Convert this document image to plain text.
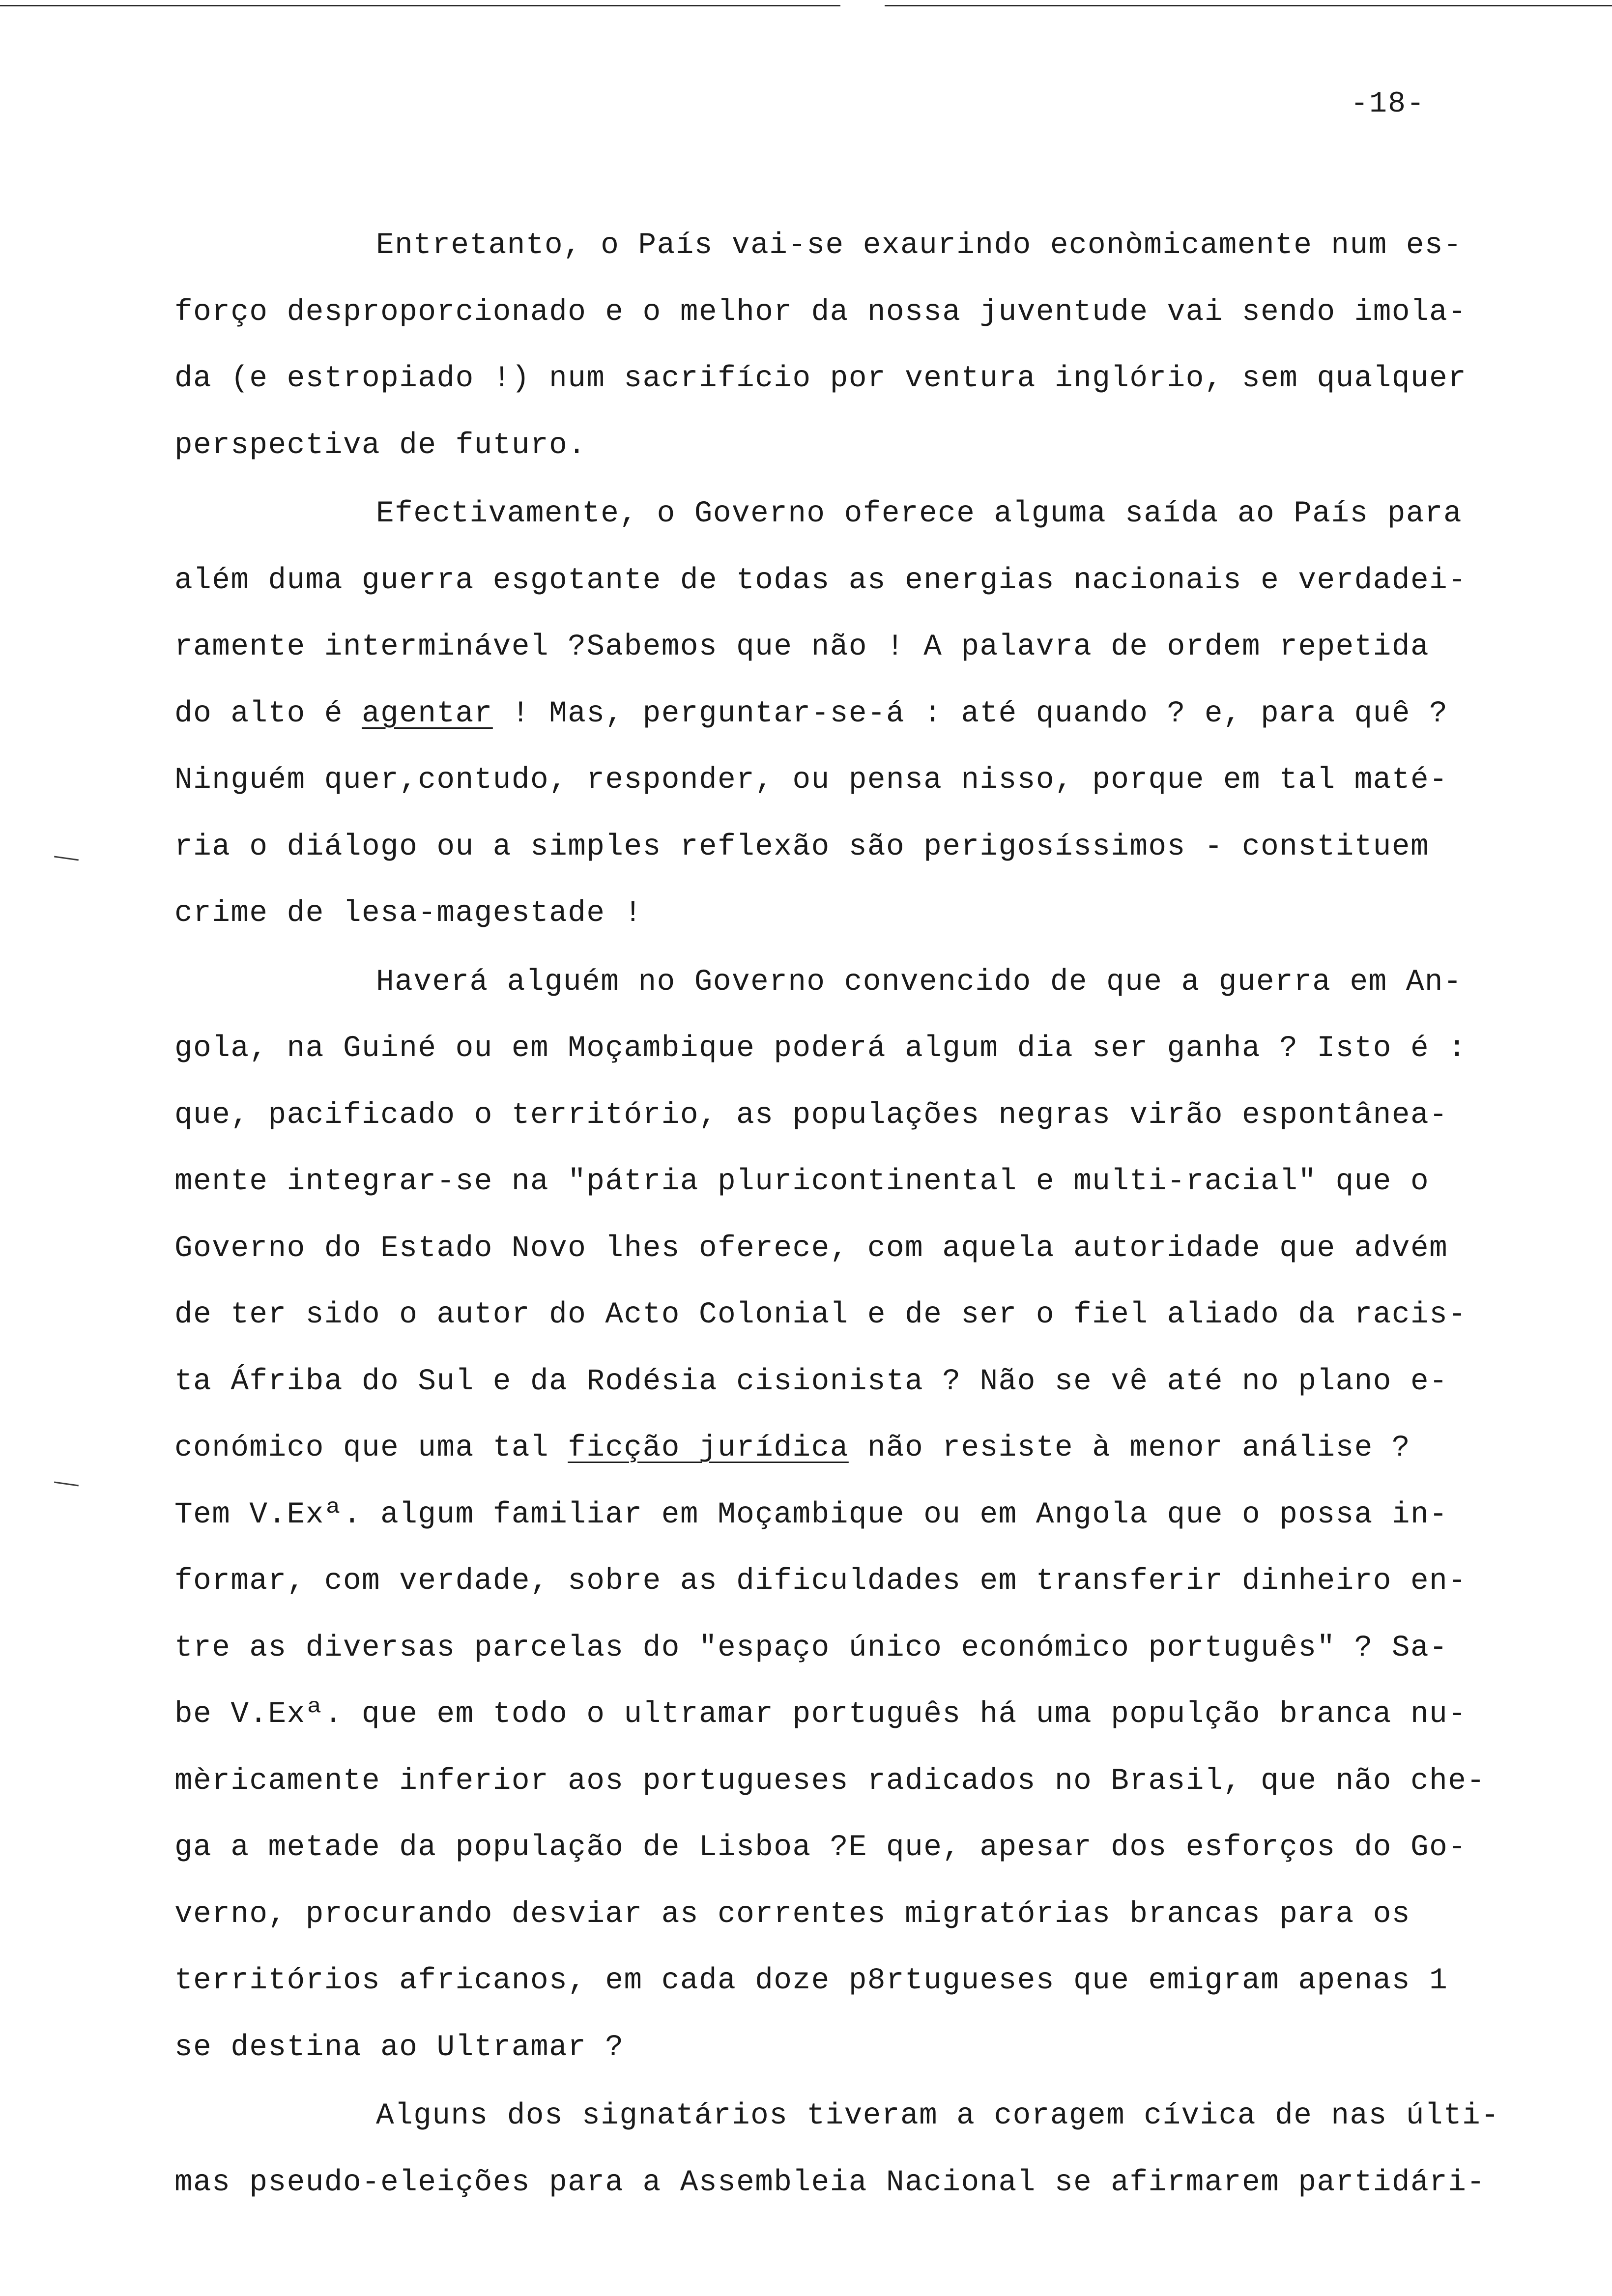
-18-
Entretanto, o País vai-se exaurindo econòmicamente num es-
forço desproporcionado e o melhor da nossa juventude vai sendo imola-
da (e estropiado !) num sacrifício por ventura inglório, sem qualquer
perspectiva de futuro.
Efectivamente, o Governo oferece alguma saída ao País para
além duma guerra esgotante de todas as energias nacionais e verdadei-
ramente interminável ?Sabemos que não ! A palavra de ordem repetida
do alto é agentar ! Mas, perguntar-se-á : até quando ? e, para quê ?
Ninguém quer,contudo, responder, ou pensa nisso, porque em tal maté-
ria o diálogo ou a simples reflexão são perigosíssimos - constituem
crime de lesa-magestade !
Haverá alguém no Governo convencido de que a guerra em An-
gola, na Guiné ou em Moçambique poderá algum dia ser ganha ? Isto é :
que, pacificado o território, as populações negras virão espontânea-
mente integrar-se na "pátria pluricontinental e multi-racial" que o
Governo do Estado Novo lhes oferece, com aquela autoridade que advém
de ter sido o autor do Acto Colonial e de ser o fiel aliado da racis-
ta Áfriba do Sul e da Rodésia cisionista ? Não se vê até no plano e-
conómico que uma tal ficção jurídica não resiste à menor análise ?
Tem V.Exª. algum familiar em Moçambique ou em Angola que o possa in-
formar, com verdade, sobre as dificuldades em transferir dinheiro en-
tre as diversas parcelas do "espaço único económico português" ? Sa-
be V.Exª. que em todo o ultramar português há uma populção branca nu-
mèricamente inferior aos portugueses radicados no Brasil, que não che-
ga a metade da população de Lisboa ?E que, apesar dos esforços do Go-
verno, procurando desviar as correntes migratórias brancas para os
territórios africanos, em cada doze p8rtugueses que emigram apenas 1
se destina ao Ultramar ?
Alguns dos signatários tiveram a coragem cívica de nas últi-
mas pseudo-eleições para a Assembleia Nacional se afirmarem partidári-
